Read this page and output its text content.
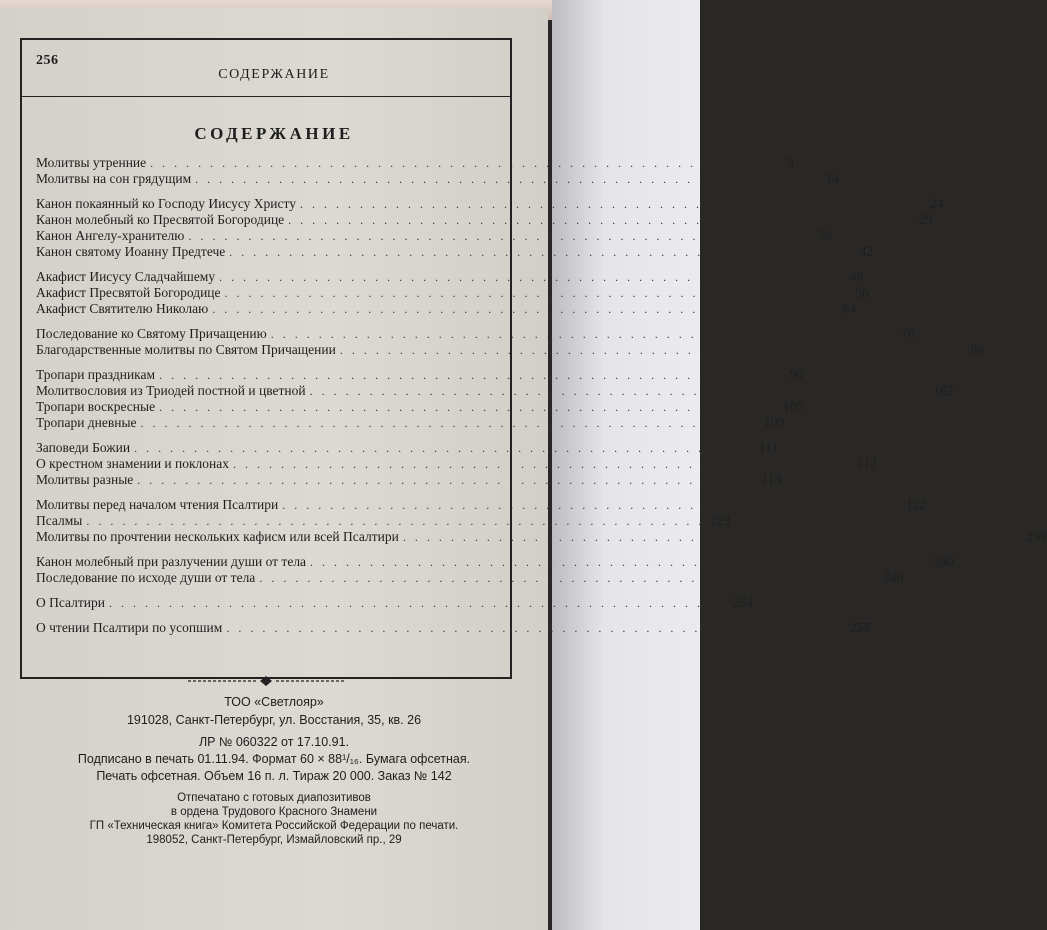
256
СОДЕРЖАНИЕ
СОДЕРЖАНИЕ
Молитвы утренние . . . . . . . . . . . . . . . . . . . . . . . . . . . . . . . . . . . . . . . . . . . . . . . . . . . .	3
Молитвы на сон грядущим . . . . . . . . . . . . . . . . . . . . . . . . . . . . . . . . . . . . . . . . . . . . . . . . . . . . 14
Канон покаянный ко Господу Иисусу Христу . . . . . . . . . . . . . . . . . . . . . . . . . . . . . . . . . . . . . . . . . . . . . . . . . . . . 24
Канон молебный ко Пресвятой Богородице . . . . . . . . . . . . . . . . . . . . . . . . . . . . . . . . . . . . . . . . . . . . . . . . . . . . 29
Канон Ангелу-хранителю . . . . . . . . . . . . . . . . . . . . . . . . . . . . . . . . . . . . . . . . . . . . . . . . . . . . 36
Канон святому Иоанну Предтече . . . . . . . . . . . . . . . . . . . . . . . . . . . . . . . . . . . . . . . . . . . . . . . . . . . . 42
Акафист Иисусу Сладчайшему . . . . . . . . . . . . . . . . . . . . . . . . . . . . . . . . . . . . . . . . . . . . . . . . . . . . 48
Акафист Пресвятой Богородице . . . . . . . . . . . . . . . . . . . . . . . . . . . . . . . . . . . . . . . . . . . . . . . . . . . . 56
Акафист Святителю Николаю . . . . . . . . . . . . . . . . . . . . . . . . . . . . . . . . . . . . . . . . . . . . . . . . . . . . 64
Последование ко Святому Причащению . . . . . . . . . . . . . . . . . . . . . . . . . . . . . . . . . . . . . . . . . . . . . . . . . . . . 70
Благодарственные молитвы по Святом Причащении . . . . . . . . . . . . . . . . . . . . . . . . . . . . . . . . . . . . . . . . . . . . . . . . . . . . 86
Тропари праздникам . . . . . . . . . . . . . . . . . . . . . . . . . . . . . . . . . . . . . . . . . . . . . . . . . . . . 90
Молитвословия из Триодей постной и цветной . . . . . . . . . . . . . . . . . . . . . . . . . . . . . . . . . . . . . . . . . . . . . . . . . . . . 102
Тропари воскресные . . . . . . . . . . . . . . . . . . . . . . . . . . . . . . . . . . . . . . . . . . . . . . . . . . . . 105
Тропари дневные . . . . . . . . . . . . . . . . . . . . . . . . . . . . . . . . . . . . . . . . . . . . . . . . . . . . 109
Заповеди Божии . . . . . . . . . . . . . . . . . . . . . . . . . . . . . . . . . . . . . . . . . . . . . . . . . . . . 111
О крестном знамении и поклонах . . . . . . . . . . . . . . . . . . . . . . . . . . . . . . . . . . . . . . . . . . . . . . . . . . . . 112
Молитвы разные . . . . . . . . . . . . . . . . . . . . . . . . . . . . . . . . . . . . . . . . . . . . . . . . . . . . 113
Молитвы перед началом чтения Псалтири . . . . . . . . . . . . . . . . . . . . . . . . . . . . . . . . . . . . . . . . . . . . . . . . . . . . 122
Псалмы . . . . . . . . . . . . . . . . . . . . . . . . . . . . . . . . . . . . . . . . . . . . . . . . . . . . 123
Молитвы по прочтении нескольких кафисм или всей Псалтири . . . . . . . . . . . . . . . . . . . . . . . . . . . . . . . . . . . . . . . . . . . . . . . . . . . . 239
Канон молебный при разлучении души от тела . . . . . . . . . . . . . . . . . . . . . . . . . . . . . . . . . . . . . . . . . . . . . . . . . . . . 240
Последование по исходе души от тела . . . . . . . . . . . . . . . . . . . . . . . . . . . . . . . . . . . . . . . . . . . . . . . . . . . . 246
О Псалтири . . . . . . . . . . . . . . . . . . . . . . . . . . . . . . . . . . . . . . . . . . . . . . . . . . . . 254
О чтении Псалтири по усопшим . . . . . . . . . . . . . . . . . . . . . . . . . . . . . . . . . . . . . . . . . . . . . . . . . . . . 255
ТОО «Светлояр»
191028, Санкт-Петербург, ул. Восстания, 35, кв. 26
ЛР № 060322 от 17.10.91.
Подписано в печать 01.11.94. Формат 60 × 88¹/₁₆. Бумага офсетная.
Печать офсетная. Объем 16 п. л. Тираж 20 000. Заказ № 142
Отпечатано с готовых диапозитивов
в ордена Трудового Красного Знамени
ГП «Техническая книга» Комитета Российской Федерации по печати.
198052, Санкт-Петербург, Измайловский пр., 29
